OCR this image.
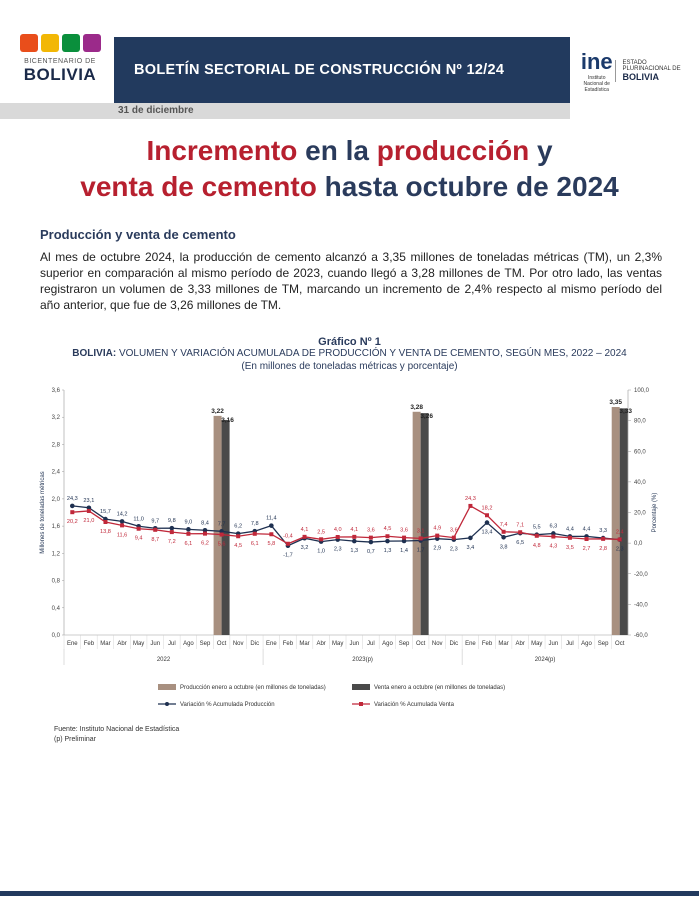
BICENTENARIO DE
BOLIVIA	BOLETÍN SECTORIAL DE CONSTRUCCIÓN Nº 12/24
31 de diciembre
ine
Instituto Nacional de Estadística
ESTADO PLURINACIONAL DE
BOLIVIA
Incremento en la producción y
venta de cemento hasta octubre de 2024
Producción y venta de cemento

Al mes de octubre 2024, la producción de cemento alcanzó a 3,35 millones de toneladas métricas (TM), un 2,3% superior en comparación al mismo período de 2023, cuando llegó a 3,28 millones de TM. Por otro lado, las ventas registraron un volumen de 3,33 millones de TM, marcando un incremento de 2,4% respecto al mismo período del año anterior, que fue de 3,26 millones de TM.

Gráfico Nº 1
BOLIVIA: VOLUMEN Y VARIACIÓN ACUMULADA DE PRODUCCIÓN Y VENTA DE CEMENTO, SEGÚN MES, 2022 – 2024
(En millones de toneladas métricas y porcentaje)
0,0
0,4
0,8
1,2
1,6
2,0
2,4
2,8
3,2
3,6
Millones de toneladas métricas
-60,0
-40,0
-20,0
0,0
20,0
40,0
60,0
80,0
100,0
Porcentaje (%)
3,22
3,16
3,28
3,26
3,35
3,33
Ene Feb Mar Abr May Jun Jul Ago Sep Oct Nov Dic Ene Feb Mar Abr May Jun Jul Ago Sep Oct Nov Dic Ene Feb Mar Abr May Jun Jul Ago Sep Oct
2022	2023(p)	2024(p)
24,3 23,1
15,7 14,2
11,0 9,7 9,8 9,0 8,4 7,7 6,2 7,8
11,4
-1,7
3,2
1,0 2,3 1,3 0,7 1,3 1,4 1,7 2,9 2,3 3,4
13,4
3,8
6,5
5,5 6,3 4,4 4,4 3,3
2,3
20,2 21,0
13,8
11,6
9,4 8,7 7,2 6,1 6,2 5,6 4,5 6,1 5,8
-0,4
4,1 2,5 4,0 4,1 3,6 4,5 3,6 3,1 4,9 3,6
24,3
18,2
7,4 7,1
4,8 4,3 3,5 2,7 2,8
2,4
Producción enero a octubre (en millones de toneladas)	Venta enero a octubre (en millones de toneladas)
Variación % Acumulada Producción	Variación % Acumulada Venta
Fuente: Instituto Nacional de Estadística
(p) Preliminar
